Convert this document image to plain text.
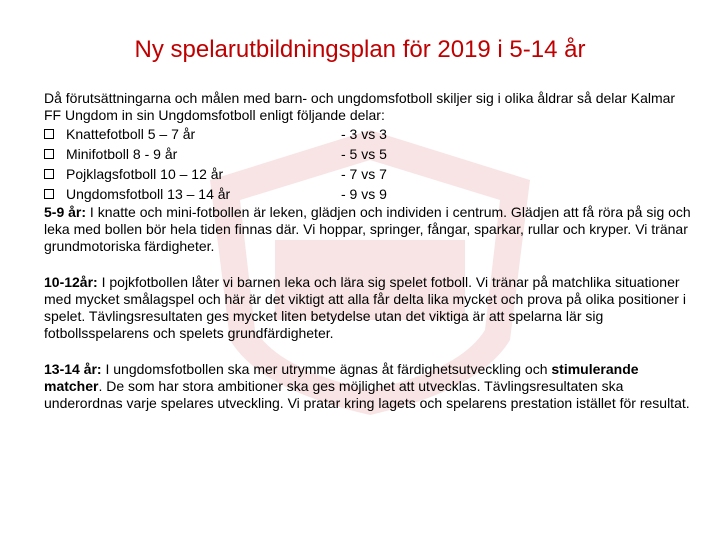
Ny spelarutbildningsplan för 2019 i 5-14 år

Då förutsättningarna och målen med barn- och ungdomsfotboll skiljer sig i olika åldrar så delar Kalmar FF Ungdom in sin Ungdomsfotboll enligt följande delar:

Knattefotboll 5 – 7 år	- 3 vs 3
Minifotboll 8 - 9 år	- 5 vs 5
Pojklagsfotboll 10 – 12 år	- 7 vs 7
Ungdomsfotboll 13 – 14 år	- 9 vs 9

5-9 år: I knatte och mini-fotbollen är leken, glädjen och individen i centrum. Glädjen att få röra på sig och leka med bollen bör hela tiden finnas där. Vi hoppar, springer, fångar, sparkar, rullar och kryper. Vi tränar grundmotoriska färdigheter.

10-12år: I pojkfotbollen låter vi barnen leka och lära sig spelet fotboll. Vi tränar på matchlika situationer med mycket smålagspel och här är det viktigt att alla får delta lika mycket och prova på olika positioner i spelet. Tävlingsresultaten ges mycket liten betydelse utan det viktiga är att spelarna lär sig fotbollsspelarens och spelets grundfärdigheter.

13-14 år: I ungdomsfotbollen ska mer utrymme ägnas åt färdighetsutveckling och stimulerande matcher. De som har stora ambitioner ska ges möjlighet att utvecklas. Tävlingsresultaten ska underordnas varje spelares utveckling. Vi pratar kring lagets och spelarens prestation istället för resultat.
